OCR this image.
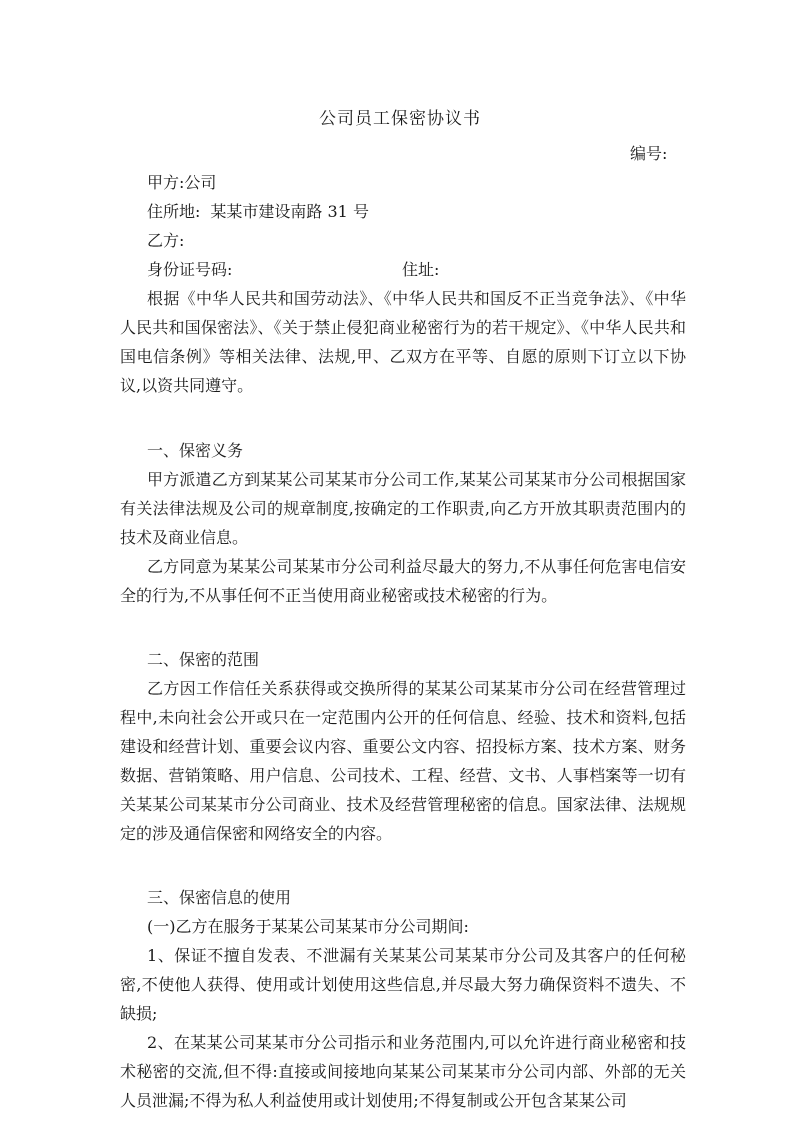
公司员工保密协议书
编号:

甲方:公司

住所地: 某某市建设南路 31 号

乙方:

身份证号码:	住址:

根据《中华人民共和国劳动法》、《中华人民共和国反不正当竞争法》、《中华人民共和国保密法》、《关于禁止侵犯商业秘密行为的若干规定》、《中华人民共和国电信条例》等相关法律、法规,甲、乙双方在平等、自愿的原则下订立以下协议,以资共同遵守。

一、保密义务

甲方派遣乙方到某某公司某某市分公司工作,某某公司某某市分公司根据国家有关法律法规及公司的规章制度,按确定的工作职责,向乙方开放其职责范围内的技术及商业信息。

乙方同意为某某公司某某市分公司利益尽最大的努力,不从事任何危害电信安全的行为,不从事任何不正当使用商业秘密或技术秘密的行为。

二、保密的范围

乙方因工作信任关系获得或交换所得的某某公司某某市分公司在经营管理过程中,未向社会公开或只在一定范围内公开的任何信息、经验、技术和资料,包括建设和经营计划、重要会议内容、重要公文内容、招投标方案、技术方案、财务数据、营销策略、用户信息、公司技术、工程、经营、文书、人事档案等一切有关某某公司某某市分公司商业、技术及经营管理秘密的信息。国家法律、法规规定的涉及通信保密和网络安全的内容。

三、保密信息的使用

(一)乙方在服务于某某公司某某市分公司期间:

1、保证不擅自发表、不泄漏有关某某公司某某市分公司及其客户的任何秘密,不使他人获得、使用或计划使用这些信息,并尽最大努力确保资料不遗失、不缺损;

2、在某某公司某某市分公司指示和业务范围内,可以允许进行商业秘密和技术秘密的交流,但不得:直接或间接地向某某公司某某市分公司内部、外部的无关人员泄漏;不得为私人利益使用或计划使用;不得复制或公开包含某某公司
